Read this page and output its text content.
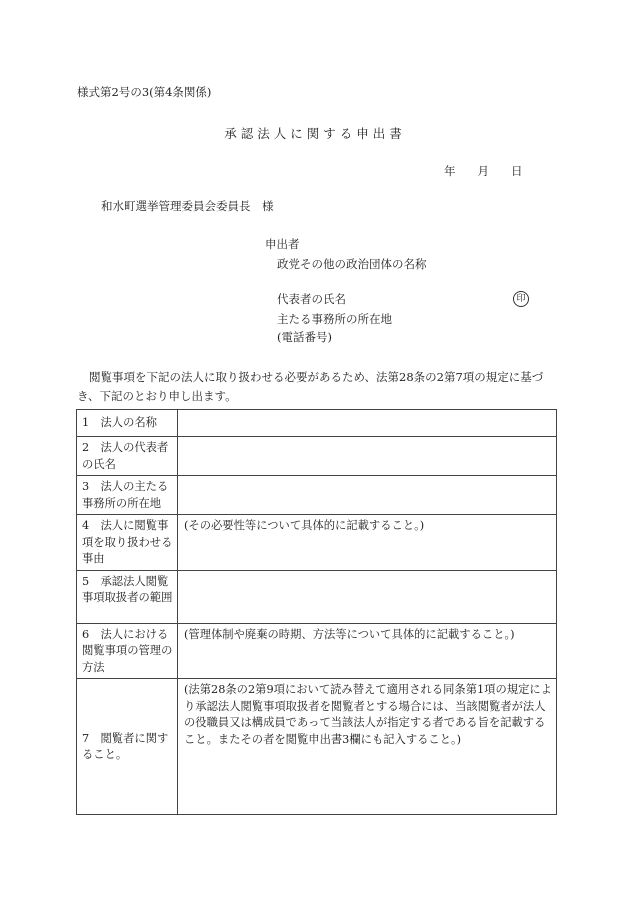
様式第2号の3(第4条関係)
承認法人に関する申出書
年 月 日
和水町選挙管理委員会委員長　様
申出者
政党その他の政治団体の名称
代表者の氏名	印
主たる事務所の所在地
(電話番号)
閲覧事項を下記の法人に取り扱わせる必要があるため、法第28条の2第7項の規定に基づき、下記のとおり申し出ます。
1　法人の名称	
2　法人の代表者の氏名	
3　法人の主たる事務所の所在地	
4　法人に閲覧事項を取り扱わせる事由	(その必要性等について具体的に記載すること。)
5　承認法人閲覧事項取扱者の範囲	
6　法人における閲覧事項の管理の方法	(管理体制や廃棄の時期、方法等について具体的に記載すること。)
7　閲覧者に関すること。	(法第28条の2第9項において読み替えて適用される同条第1項の規定により承認法人閲覧事項取扱者を閲覧者とする場合には、当該閲覧者が法人の役職員又は構成員であって当該法人が指定する者である旨を記載すること。またその者を閲覧申出書3欄にも記入すること。)
